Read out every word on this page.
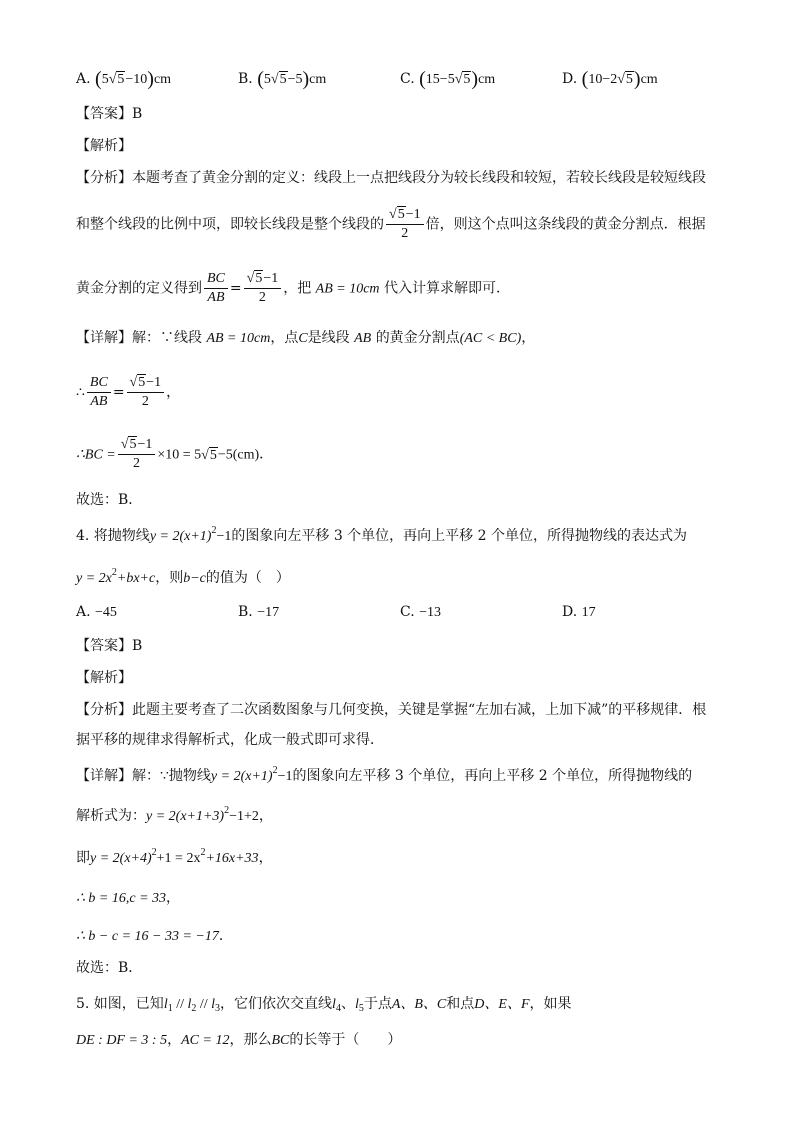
A. (5√5−10)cm	B. (5√5−5)cm	C. (15−5√5)cm	D. (10−2√5)cm
【答案】B
【解析】
【分析】本题考查了黄金分割的定义：线段上一点把线段分为较长线段和较短，若较长线段是较短线段
和整个线段的比例中项，即较长线段是整个线段的 $\frac{√5-1}{2}$ 倍，则这个点叫这条线段的黄金分割点．根据
黄金分割的定义得到 $\frac{BC}{AB} = \frac{√5-1}{2}$ ，把 AB = 10cm 代入计算求解即可．
【详解】解：∵线段 AB = 10cm，点C是线段 AB 的黄金分割点(AC < BC)，
∴ $\frac{BC}{AB} = \frac{√5-1}{2}$ ，
∴BC = $\frac{√5-1}{2} \times 10 = 5√5-5(cm)$．
故选：B．
4. 将抛物线$y = 2(x+1)^2-1$的图象向左平移 3 个单位，再向上平移 2 个单位，所得抛物线的表达式为
$y = 2x^2+bx+c$，则b−c的值为（　）
A. −45	B. −17	C. −13	D. 17
【答案】B
【解析】
【分析】此题主要考查了二次函数图象与几何变换，关键是掌握“左加右减，上加下减”的平移规律．根
据平移的规律求得解析式，化成一般式即可求得．
【详解】解：∵抛物线$y = 2(x+1)^2-1$的图象向左平移 3 个单位，再向上平移 2 个单位，所得抛物线的
解析式为：$y = 2(x+1+3)^2-1+2$，
即$y = 2(x+4)^2+1 = 2x^2+16x+33$，
∴ b = 16,c = 33，
∴ b − c = 16 − 33 = −17．
故选：B．
5. 如图，已知$l_1 // l_2 // l_3$，它们依次交直线$l_4$、$l_5$于点A、B、C和点D、E、F，如果
DE : DF = 3 : 5，AC = 12，那么BC的长等于（　　）
